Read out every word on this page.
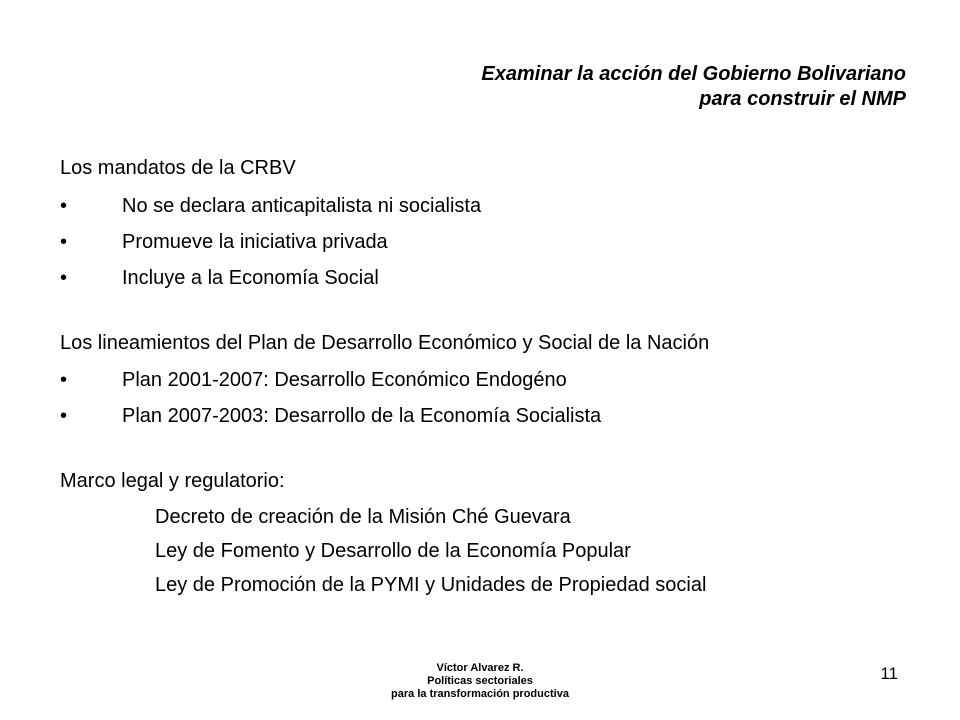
Examinar la acción del Gobierno Bolivariano
para construir el NMP
Los mandatos de la CRBV
•	No se declara anticapitalista ni socialista
•	Promueve la iniciativa privada
•	Incluye a la Economía Social
Los lineamientos del Plan de Desarrollo Económico y Social de la Nación
•	Plan 2001-2007: Desarrollo Económico Endogéno
•	Plan 2007-2003: Desarrollo de la Economía Socialista
Marco legal y regulatorio:
Decreto de creación de la Misión Ché Guevara
Ley de Fomento y Desarrollo de la Economía Popular
Ley de Promoción de la PYMI y Unidades de Propiedad social
Víctor Alvarez R.
Políticas sectoriales
para la transformación productiva
11
